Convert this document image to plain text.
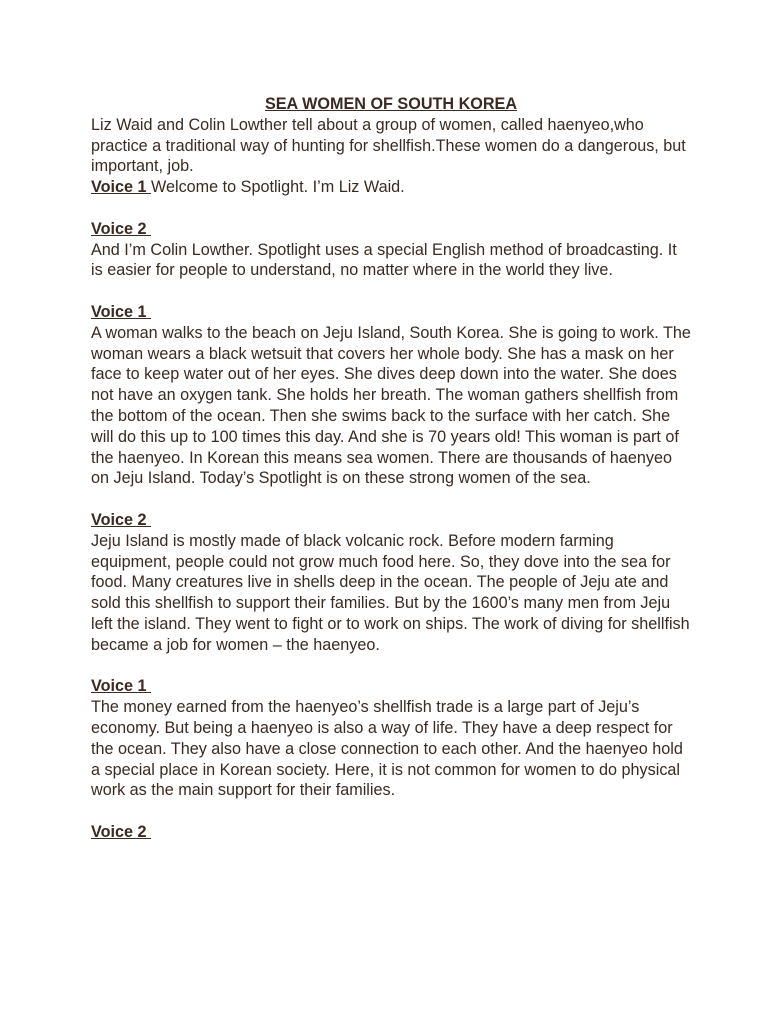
SEA WOMEN OF SOUTH KOREA

Liz Waid and Colin Lowther tell about a group of women, called haenyeo,who practice a traditional way of hunting for shellfish.These women do a dangerous, but important, job.

Voice 1 Welcome to Spotlight. I’m Liz Waid.

Voice 2

And I’m Colin Lowther. Spotlight uses a special English method of broadcasting. It is easier for people to understand, no matter where in the world they live.

Voice 1

A woman walks to the beach on Jeju Island, South Korea. She is going to work. The woman wears a black wetsuit that covers her whole body. She has a mask on her face to keep water out of her eyes. She dives deep down into the water. She does not have an oxygen tank. She holds her breath. The woman gathers shellfish from the bottom of the ocean. Then she swims back to the surface with her catch. She will do this up to 100 times this day. And she is 70 years old! This woman is part of the haenyeo. In Korean this means sea women. There are thousands of haenyeo on Jeju Island. Today’s Spotlight is on these strong women of the sea.

Voice 2

Jeju Island is mostly made of black volcanic rock. Before modern farming equipment, people could not grow much food here. So, they dove into the sea for food. Many creatures live in shells deep in the ocean. The people of Jeju ate and sold this shellfish to support their families. But by the 1600’s many men from Jeju left the island. They went to fight or to work on ships. The work of diving for shellfish became a job for women – the haenyeo.

Voice 1

The money earned from the haenyeo’s shellfish trade is a large part of Jeju’s economy. But being a haenyeo is also a way of life. They have a deep respect for the ocean. They also have a close connection to each other. And the haenyeo hold a special place in Korean society. Here, it is not common for women to do physical work as the main support for their families.

Voice 2
